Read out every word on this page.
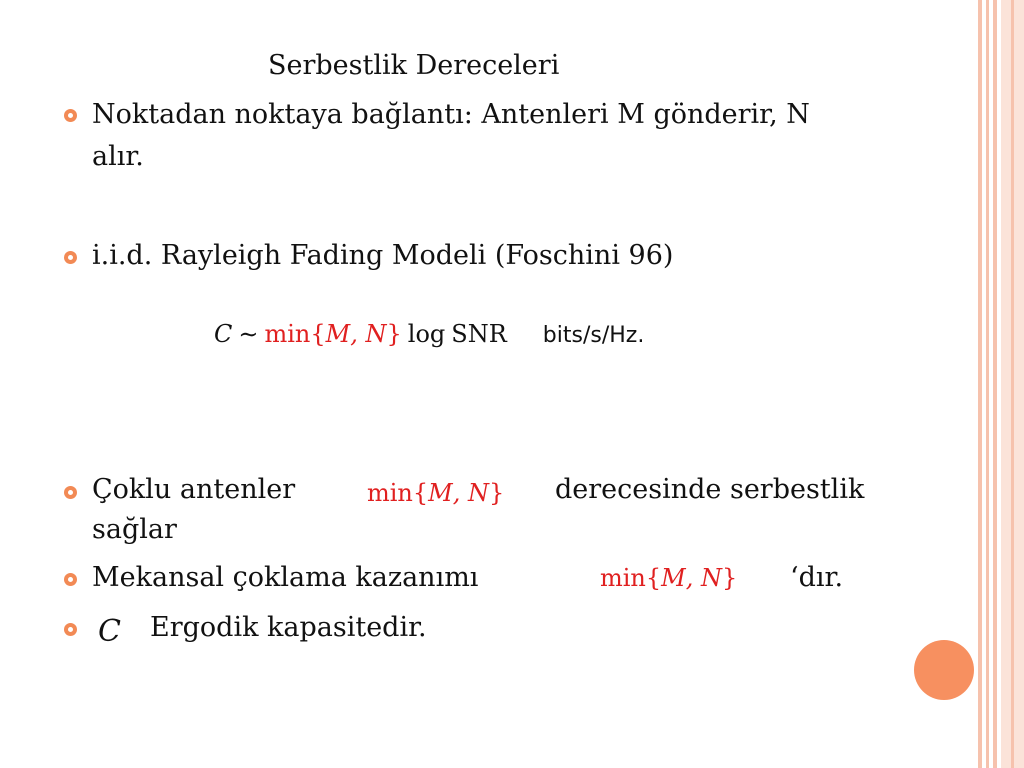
Serbestlik Dereceleri
Noktadan noktaya bağlantı: Antenleri M gönderir, N
alır.
i.i.d. Rayleigh Fading Modeli (Foschini 96)
C ∼ min{M, N} log SNR bits/s/Hz.
Çoklu antenler	min{M, N} derecesinde serbestlik
sağlar
Mekansal çoklama kazanımı	min{M, N} ‘dır.
C Ergodik kapasitedir.
